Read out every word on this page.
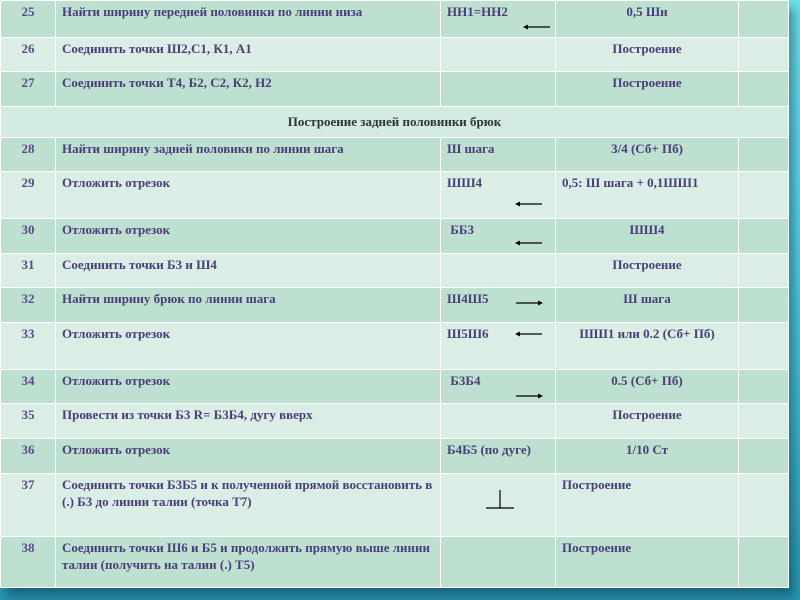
25	Найти ширину передней половинки по линии низа	НН1=НН2	0,5 Шн	
26	Соединить точки Ш2,С1, К1, А1		Построение	
27	Соединить точки Т4, Б2, С2, К2, Н2		Построение	
Построение задней половинки брюк				
28	Найти ширину задней половики по линии шага	Ш шага	3/4 (Сб+ Пб)	
29	Отложить отрезок	ШШ4	0,5: Ш шага + 0,1ШШ1	
30	Отложить отрезок	ББ3	ШШ4	
31	Соединить точки Б3 и Ш4		Построение	
32	Найти ширину брюк по линии шага	Ш4Ш5	Ш шага	
33	Отложить отрезок	Ш5Ш6	ШШ1 или 0.2 (Сб+ Пб)	
34	Отложить отрезок	Б3Б4	0.5 (Сб+ Пб)	
35	Провести из точки Б3 R= Б3Б4, дугу вверх		Построение	
36	Отложить отрезок	Б4Б5 (по дуге)	1/10 Ст	
37	Соединить точки Б3Б5 и к полученной прямой восстановить в (.) Б3 до линии талии (точка Т7)		Построение	
38	Соединить точки Ш6 и Б5 и продолжить прямую выше линии талии (получить на талии (.) Т5)		Построение	
